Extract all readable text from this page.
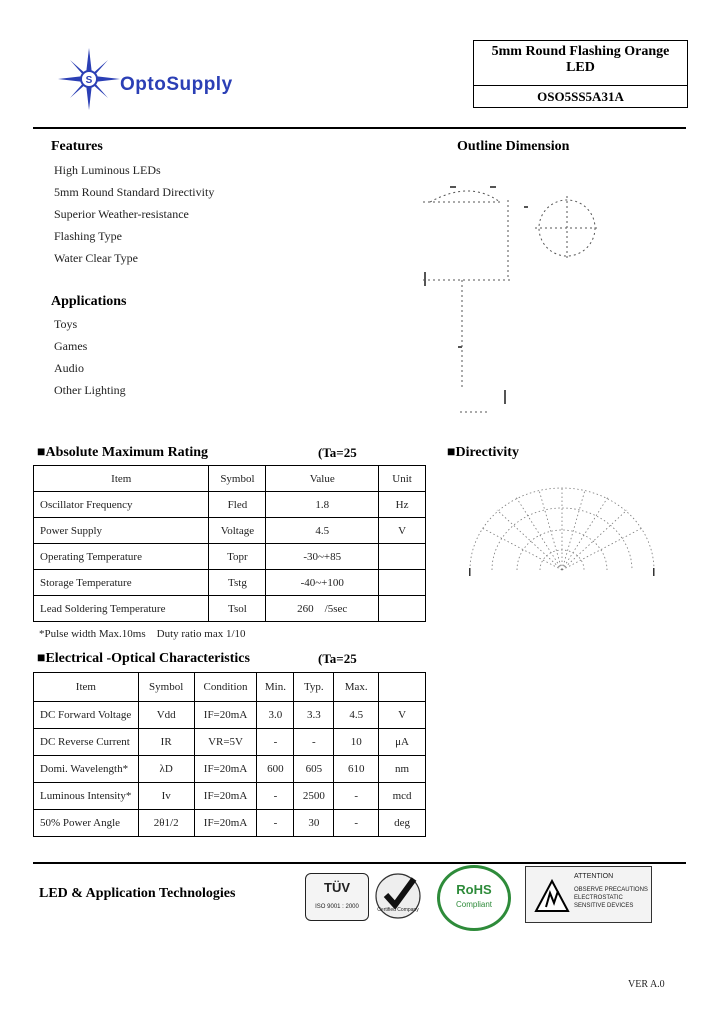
S OptoSupply
5mm Round Flashing Orange
LED
OSO5SS5A31A
Features
High Luminous LEDs
5mm Round Standard Directivity
Superior Weather-resistance
Flashing Type
Water Clear Type
Applications
Toys
Games
Audio
Other Lighting
Outline Dimension
■Absolute Maximum Rating	(Ta=25
Item	Symbol	Value	Unit
Oscillator Frequency	Fled	1.8	Hz
Power Supply	Voltage	4.5	V
Operating Temperature	Topr	-30~+85	
Storage Temperature	Tstg	-40~+100	
Lead Soldering Temperature	Tsol	260    /5sec	
*Pulse width Max.10ms    Duty ratio max 1/10
■Directivity
■Electrical -Optical Characteristics	(Ta=25
Item	Symbol	Condition	Min.	Typ.	Max.	
DC Forward Voltage	Vdd	IF=20mA	3.0	3.3	4.5	V
DC Reverse Current	IR	VR=5V	-	-	10	μA
Domi. Wavelength*	λD	IF=20mA	600	605	610	nm
Luminous Intensity*	Iv	IF=20mA	-	2500	-	mcd
50% Power Angle	2θ1/2	IF=20mA	-	30	-	deg
LED & Application Technologies	TÜV
ISO 9001 : 2000	Certified Company
RoHS
Compliant
ATTENTION
OBSERVE PRECAUTIONS
ELECTROSTATIC
SENSITIVE DEVICES
VER A.0
